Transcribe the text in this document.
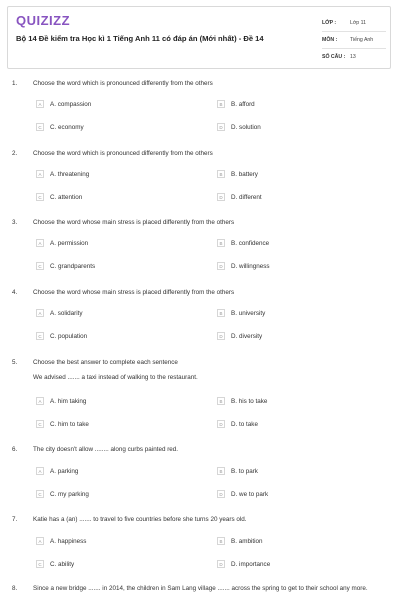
QUIZIZZ
Bộ 14 Đề kiểm tra Học kì 1 Tiếng Anh 11 có đáp án (Mới nhất) - Đề 14
LỚP :	Lớp 11
MÔN :	Tiếng Anh
SỐ CÂU : 13
1. Choose the word which is pronounced differently from the others
A	A. compassion	B	B. afford
C	C. economy	D	D. solution
2. Choose the word which is pronounced differently from the others
A	A. threatening	B	B. battery
C	C. attention	D	D. different
3. Choose the word whose main stress is placed differently from the others
A	A. permission	B	B. confidence
C	C. grandparents	D	D. willingness
4. Choose the word whose main stress is placed differently from the others
A	A. solidarity	B	B. university
C	C. population	D	D. diversity
5. Choose the best answer to complete each sentence
We advised ....... a taxi instead of walking to the restaurant.
A	A. him taking	B	B. his to take
C	C. him to take	D	D. to take
6. The city doesn't allow ........ along curbs painted red.
A	A. parking	B	B. to park
C	C. my parking	D	D. we to park
7. Katie has a (an) ....... to travel to five countries before she turns 20 years old.
A	A. happiness	B	B. ambition
C	C. ability	D	D. importance
8. Since a new bridge ....... in 2014, the children in Sam Lang village ....... across the spring to get to their school any more.
